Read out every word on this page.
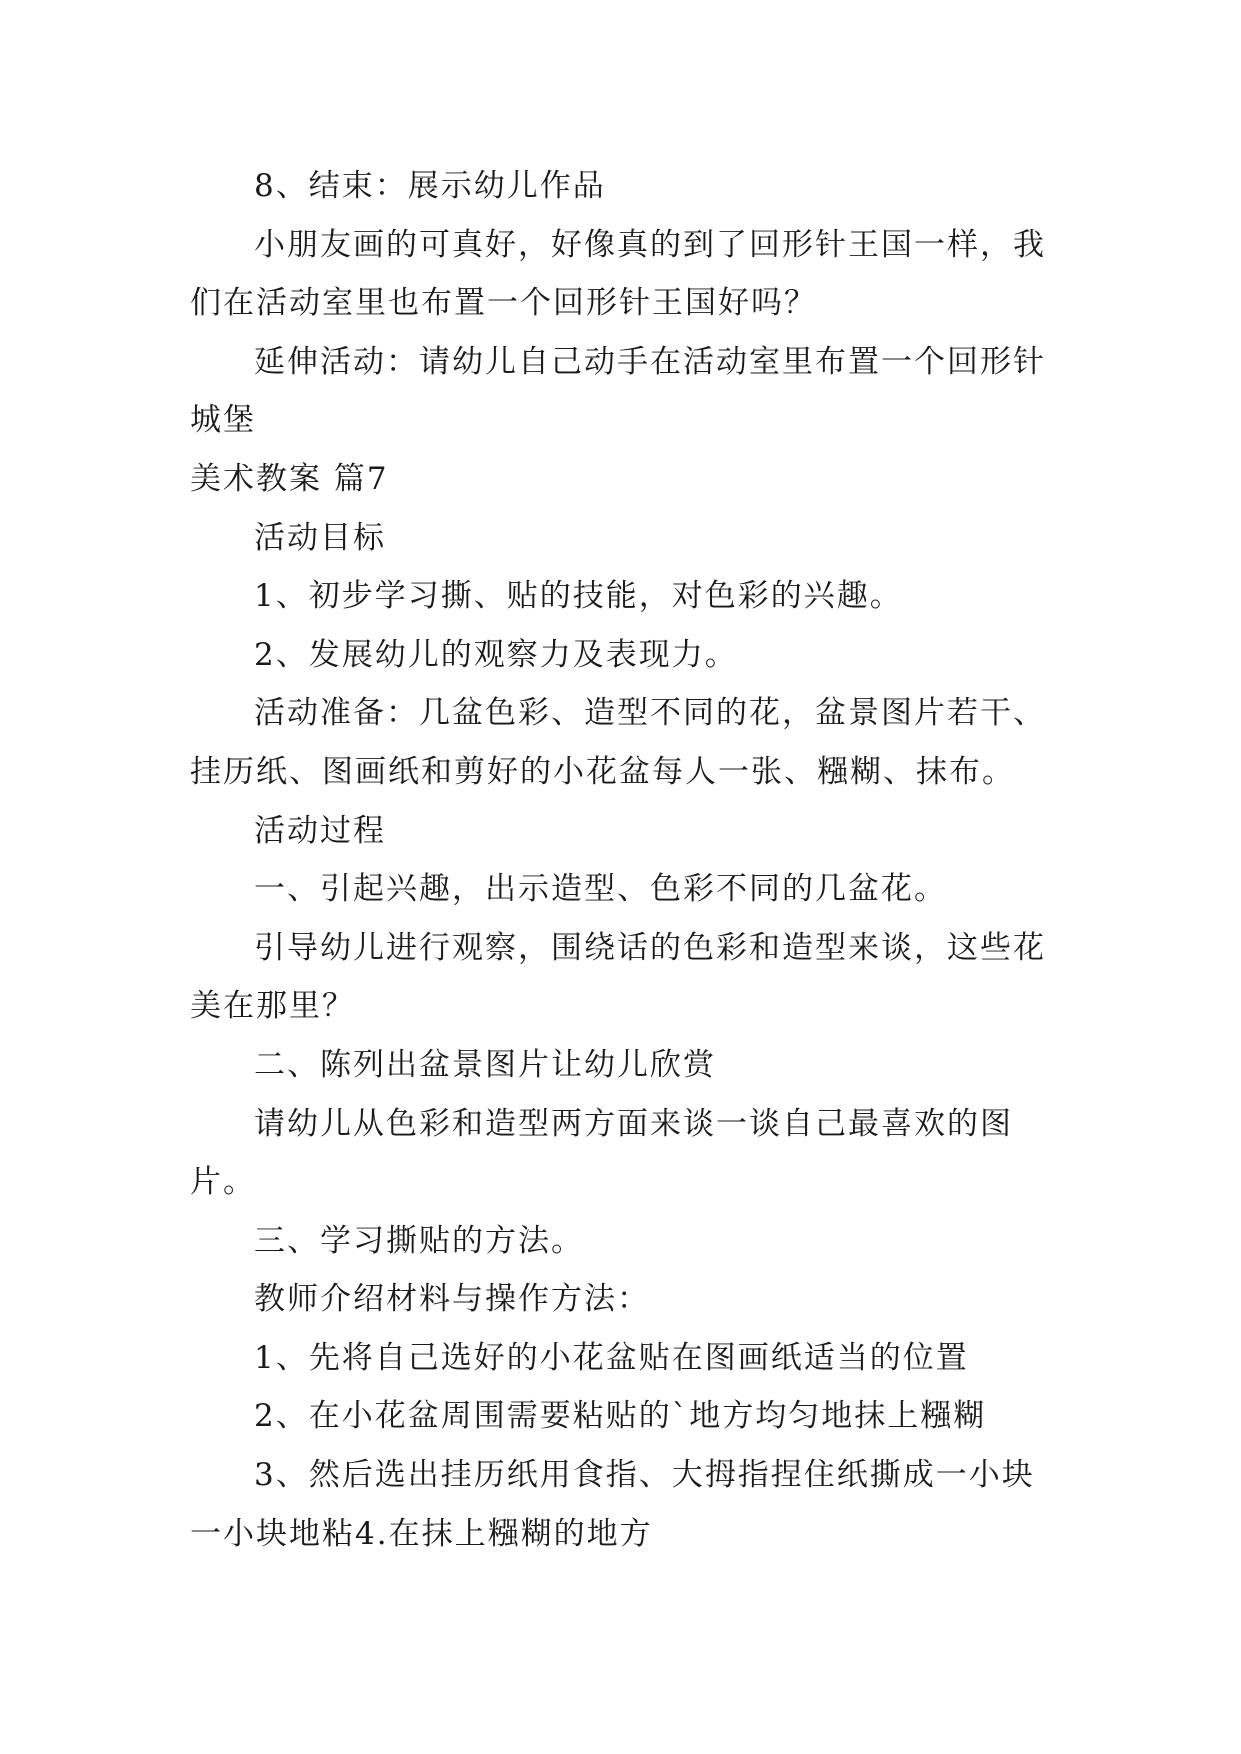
8、结束：展示幼儿作品
小朋友画的可真好，好像真的到了回形针王国一样，我
们在活动室里也布置一个回形针王国好吗？
延伸活动：请幼儿自己动手在活动室里布置一个回形针
城堡
美术教案 篇7
活动目标
1、初步学习撕、贴的技能，对色彩的兴趣。
2、发展幼儿的观察力及表现力。
活动准备：几盆色彩、造型不同的花，盆景图片若干、
挂历纸、图画纸和剪好的小花盆每人一张、糨糊、抹布。
活动过程
一、引起兴趣，出示造型、色彩不同的几盆花。
引导幼儿进行观察，围绕话的色彩和造型来谈，这些花
美在那里？
二、陈列出盆景图片让幼儿欣赏
请幼儿从色彩和造型两方面来谈一谈自己最喜欢的图
片。
三、学习撕贴的方法。
教师介绍材料与操作方法：
1、先将自己选好的小花盆贴在图画纸适当的位置
2、在小花盆周围需要粘贴的`地方均匀地抹上糨糊
3、然后选出挂历纸用食指、大拇指捏住纸撕成一小块
一小块地粘4.在抹上糨糊的地方
